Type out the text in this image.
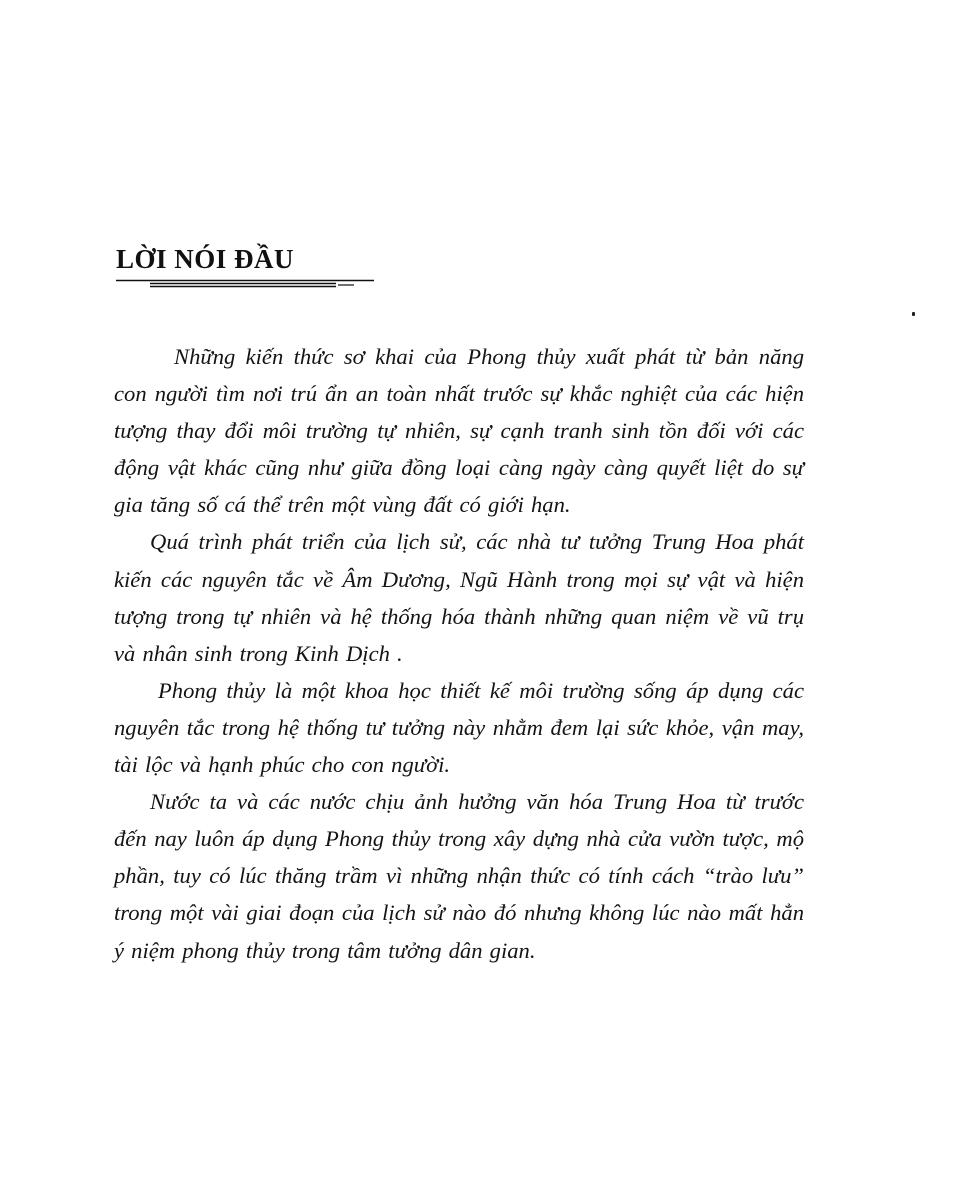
LỜI NÓI ĐẦU

Những kiến thức sơ khai của Phong thủy xuất phát từ bản năng con người tìm nơi trú ẩn an toàn nhất trước sự khắc nghiệt của các hiện tượng thay đổi môi trường tự nhiên, sự cạnh tranh sinh tồn đối với các động vật khác cũng như giữa đồng loại càng ngày càng quyết liệt do sự gia tăng số cá thể trên một vùng đất có giới hạn.

Quá trình phát triển của lịch sử, các nhà tư tưởng Trung Hoa phát kiến các nguyên tắc về Âm Dương, Ngũ Hành trong mọi sự vật và hiện tượng trong tự nhiên và hệ thống hóa thành những quan niệm về vũ trụ và nhân sinh trong Kinh Dịch .

Phong thủy là một khoa học thiết kế môi trường sống áp dụng các nguyên tắc trong hệ thống tư tưởng này nhằm đem lại sức khỏe, vận may, tài lộc và hạnh phúc cho con người.

Nước ta và các nước chịu ảnh hưởng văn hóa Trung Hoa từ trước đến nay luôn áp dụng Phong thủy trong xây dựng nhà cửa vườn tược, mộ phần, tuy có lúc thăng trầm vì những nhận thức có tính cách “trào lưu” trong một vài giai đoạn của lịch sử nào đó nhưng không lúc nào mất hẳn ý niệm phong thủy trong tâm tưởng dân gian.
